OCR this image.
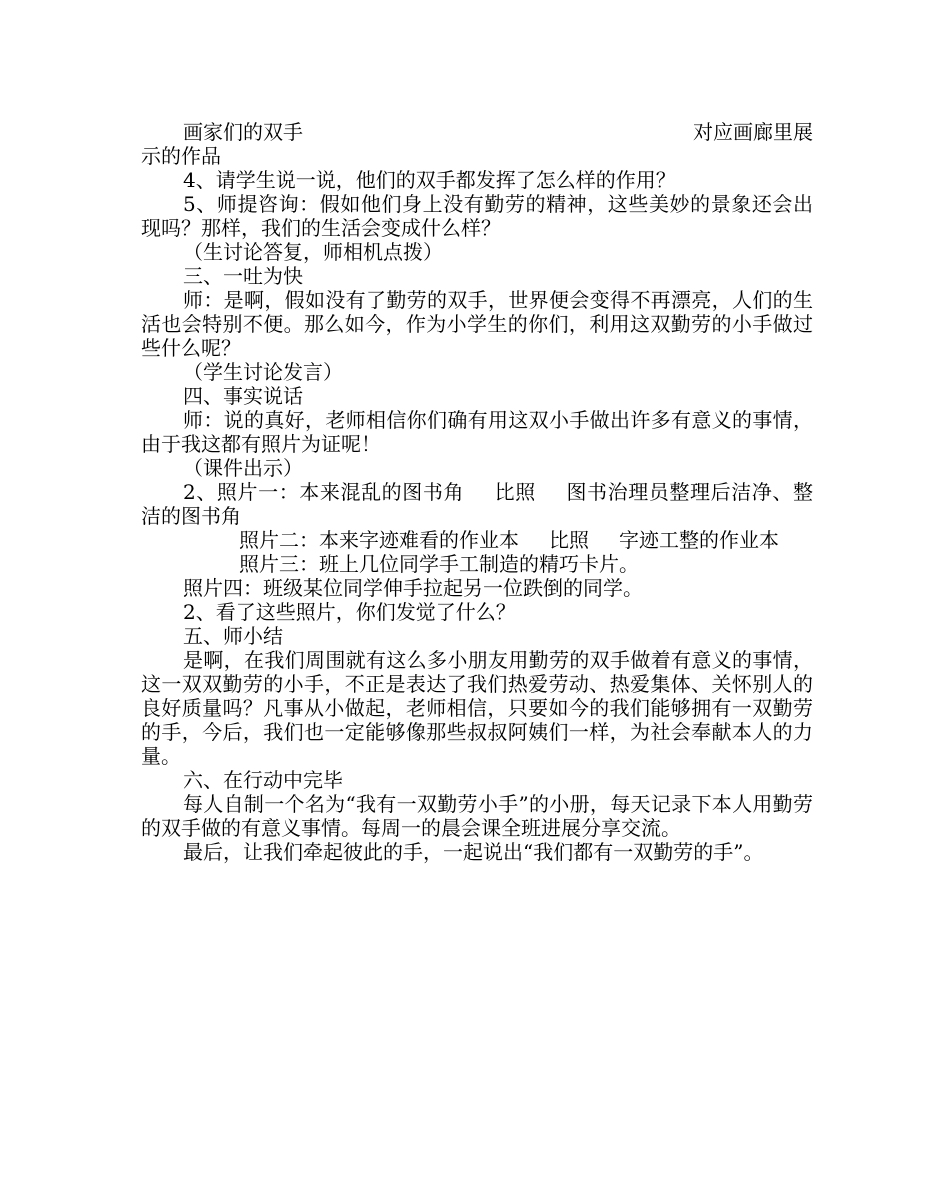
画家们的双手	对应画廊里展

示的作品

4、请学生说一说，他们的双手都发挥了怎么样的作用？

5、师提咨询：假如他们身上没有勤劳的精神，这些美妙的景象还会出现吗？那样，我们的生活会变成什么样？

（生讨论答复，师相机点拨）

三、一吐为快

师：是啊，假如没有了勤劳的双手，世界便会变得不再漂亮，人们的生活也会特别不便。那么如今，作为小学生的你们，利用这双勤劳的小手做过些什么呢？

（学生讨论发言）

四、事实说话

师：说的真好，老师相信你们确有用这双小手做出许多有意义的事情，由于我这都有照片为证呢！

（课件出示）

2、照片一：本来混乱的图书角 比照 图书治理员整理后洁净、整洁的图书角

照片二：本来字迹难看的作业本 比照 字迹工整的作业本

照片三：班上几位同学手工制造的精巧卡片。

照片四：班级某位同学伸手拉起另一位跌倒的同学。

2、看了这些照片，你们发觉了什么？

五、师小结

是啊，在我们周围就有这么多小朋友用勤劳的双手做着有意义的事情，这一双双勤劳的小手，不正是表达了我们热爱劳动、热爱集体、关怀别人的良好质量吗？凡事从小做起，老师相信，只要如今的我们能够拥有一双勤劳的手，今后，我们也一定能够像那些叔叔阿姨们一样，为社会奉献本人的力量。

六、在行动中完毕

每人自制一个名为“我有一双勤劳小手”的小册，每天记录下本人用勤劳的双手做的有意义事情。每周一的晨会课全班进展分享交流。

最后，让我们牵起彼此的手，一起说出“我们都有一双勤劳的手”。
